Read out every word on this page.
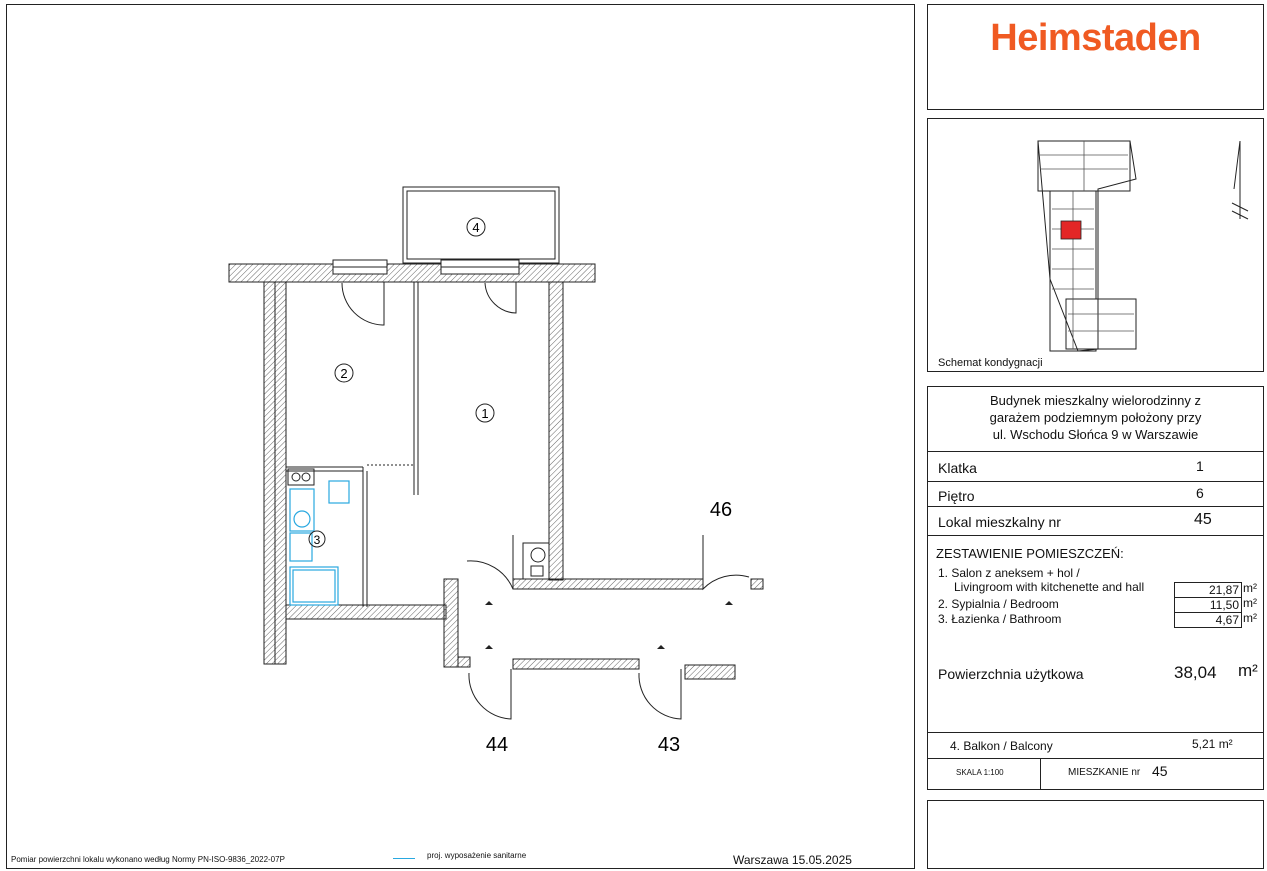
1
2
3
4
46
44	43
Pomiar powierzchni lokalu wykonano według Normy PN-ISO-9836_2022-07P	proj. wyposażenie sanitarne	Warszawa 15.05.2025
Heimstaden
Schemat kondygnacji
Budynek mieszkalny wielorodzinny z
garażem podziemnym położony przy
ul. Wschodu Słońca 9 w Warszawie
Klatka	1
Piętro	6
Lokal mieszkalny nr	45
ZESTAWIENIE POMIESZCZEŃ:
1. Salon z aneksem + hol /
Livingroom with kitchenette and hall	21,87 m²
2. Sypialnia / Bedroom	11,50 m²
3. Łazienka / Bathroom	4,67 m²
Powierzchnia użytkowa	38,04 m²
4. Balkon / Balcony	5,21 m²
SKALA 1:100	MIESZKANIE nr 45
